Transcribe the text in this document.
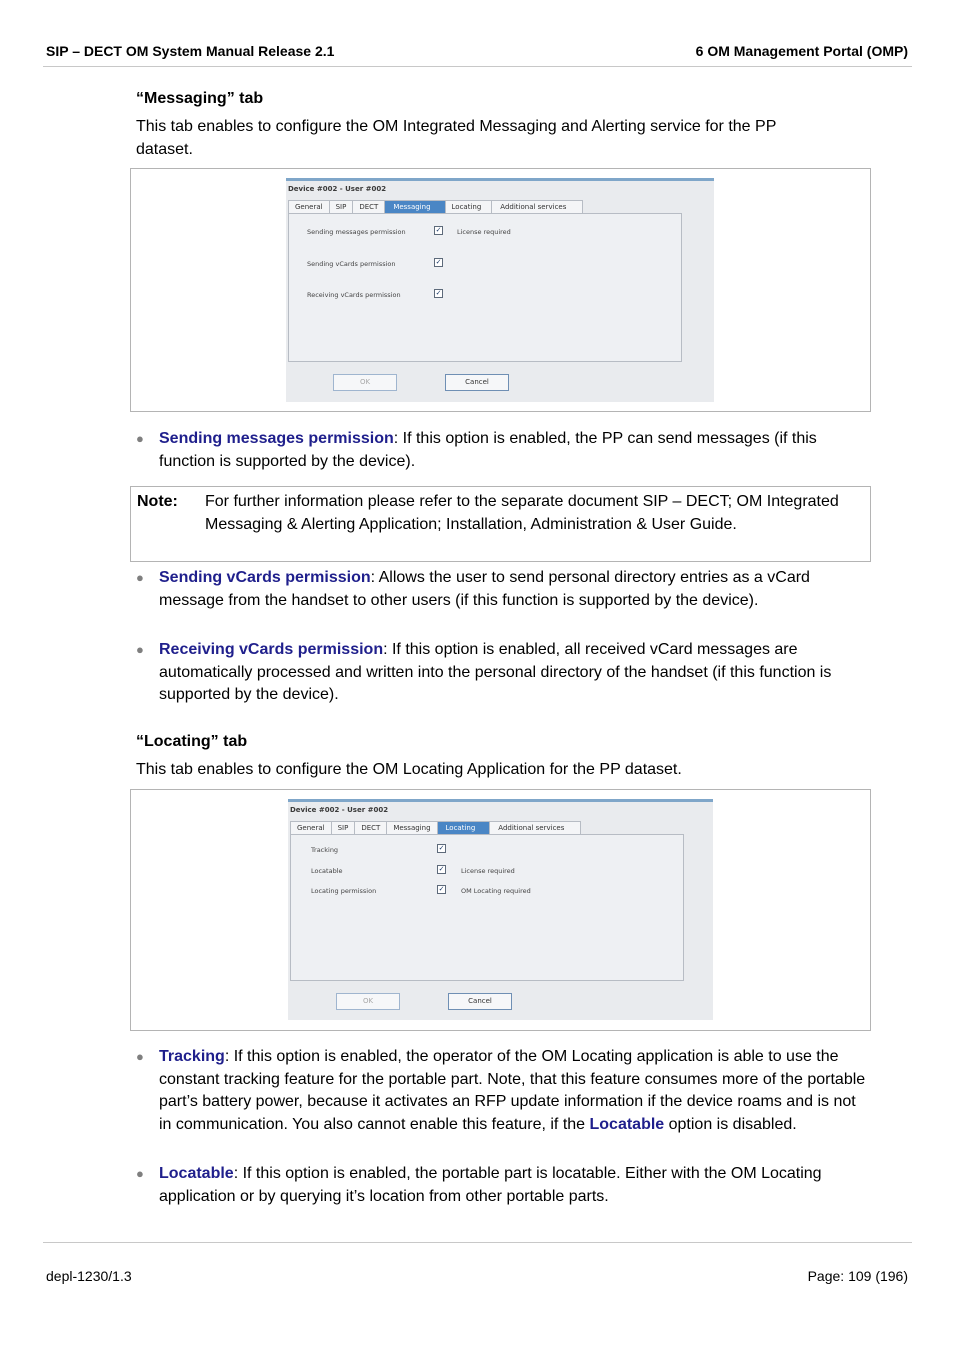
SIP – DECT OM System Manual Release 2.1	6 OM Management Portal (OMP)
“Messaging” tab
This tab enables to configure the OM Integrated Messaging and Alerting service for the PP dataset.
Device #002 - User #002
General	SIP	DECT	Messaging	Locating	Additional services
Sending messages permission	✓ License required
Sending vCards permission	✓
Receiving vCards permission	✓
OK	Cancel
● Sending messages permission: If this option is enabled, the PP can send messages (if this function is supported by the device).
Note: For further information please refer to the separate document SIP – DECT; OM Integrated Messaging & Alerting Application; Installation, Administration & User Guide.
● Sending vCards permission: Allows the user to send personal directory entries as a vCard message from the handset to other users (if this function is supported by the device).
● Receiving vCards permission: If this option is enabled, all received vCard messages are automatically processed and written into the personal directory of the handset (if this function is supported by the device).
“Locating” tab
This tab enables to configure the OM Locating Application for the PP dataset.
Device #002 - User #002
General	SIP	DECT	Messaging	Locating	Additional services
Tracking	✓
Locatable	✓	License required
Locating permission	✓	OM Locating required
OK	Cancel
● Tracking: If this option is enabled, the operator of the OM Locating application is able to use the constant tracking feature for the portable part. Note, that this feature consumes more of the portable part’s battery power, because it activates an RFP update information if the device roams and is not in communication. You also cannot enable this feature, if the Locatable option is disabled.
● Locatable: If this option is enabled, the portable part is locatable. Either with the OM Locating application or by querying it’s location from other portable parts.
depl-1230/1.3	Page: 109 (196)
